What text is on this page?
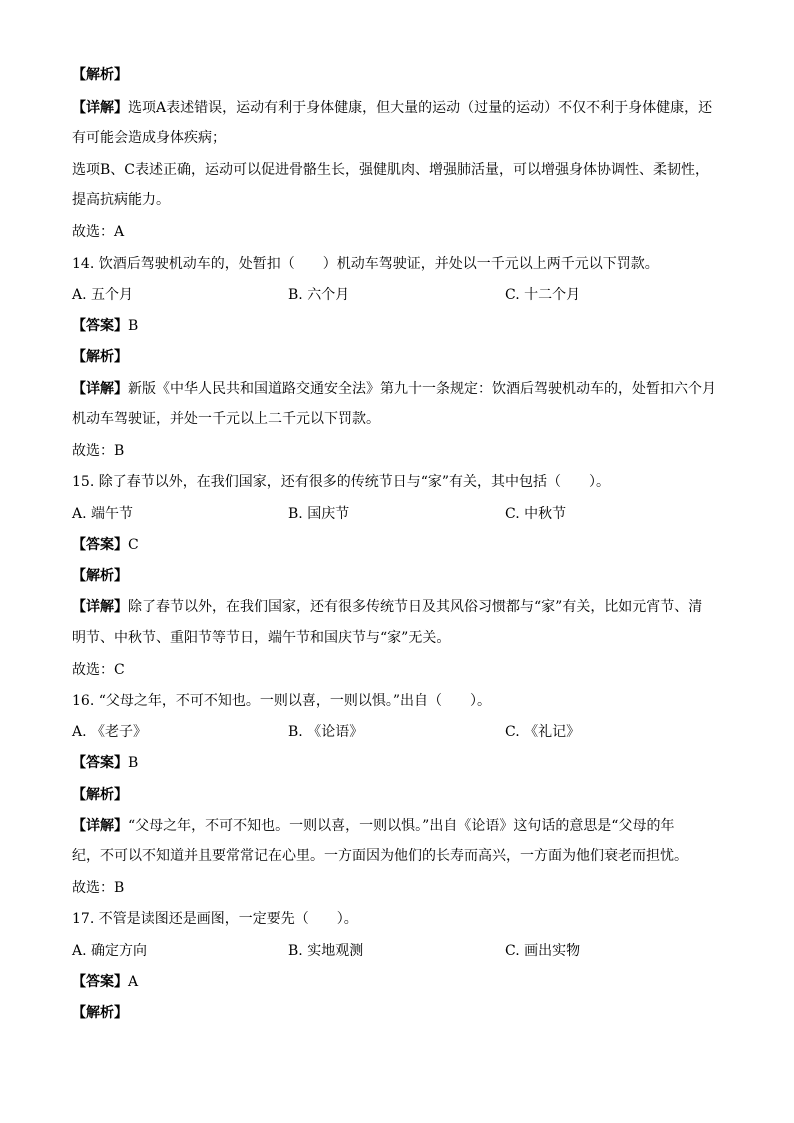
【解析】
【详解】选项A表述错误，运动有利于身体健康，但大量的运动（过量的运动）不仅不利于身体健康，还
有可能会造成身体疾病；
选项B、C表述正确，运动可以促进骨骼生长，强健肌肉、增强肺活量，可以增强身体协调性、柔韧性，
提高抗病能力。
故选：A
14. 饮酒后驾驶机动车的，处暂扣（　　）机动车驾驶证，并处以一千元以上两千元以下罚款。
A. 五个月	B. 六个月	C. 十二个月
【答案】B
【解析】
【详解】新版《中华人民共和国道路交通安全法》第九十一条规定：饮酒后驾驶机动车的，处暂扣六个月
机动车驾驶证，并处一千元以上二千元以下罚款。
故选：B
15. 除了春节以外，在我们国家，还有很多的传统节日与“家”有关，其中包括（　　）。
A. 端午节	B. 国庆节	C. 中秋节
【答案】C
【解析】
【详解】除了春节以外，在我们国家，还有很多传统节日及其风俗习惯都与“家”有关，比如元宵节、清
明节、中秋节、重阳节等节日，端午节和国庆节与“家”无关。
故选：C
16. “父母之年，不可不知也。一则以喜，一则以惧。”出自（　　）。
A. 《老子》	B. 《论语》	C. 《礼记》
【答案】B
【解析】
【详解】“父母之年，不可不知也。一则以喜，一则以惧。”出自《论语》这句话的意思是“父母的年
纪，不可以不知道并且要常常记在心里。一方面因为他们的长寿而高兴，一方面为他们衰老而担忧。
故选：B
17. 不管是读图还是画图，一定要先（　　）。
A. 确定方向	B. 实地观测	C. 画出实物
【答案】A
【解析】
